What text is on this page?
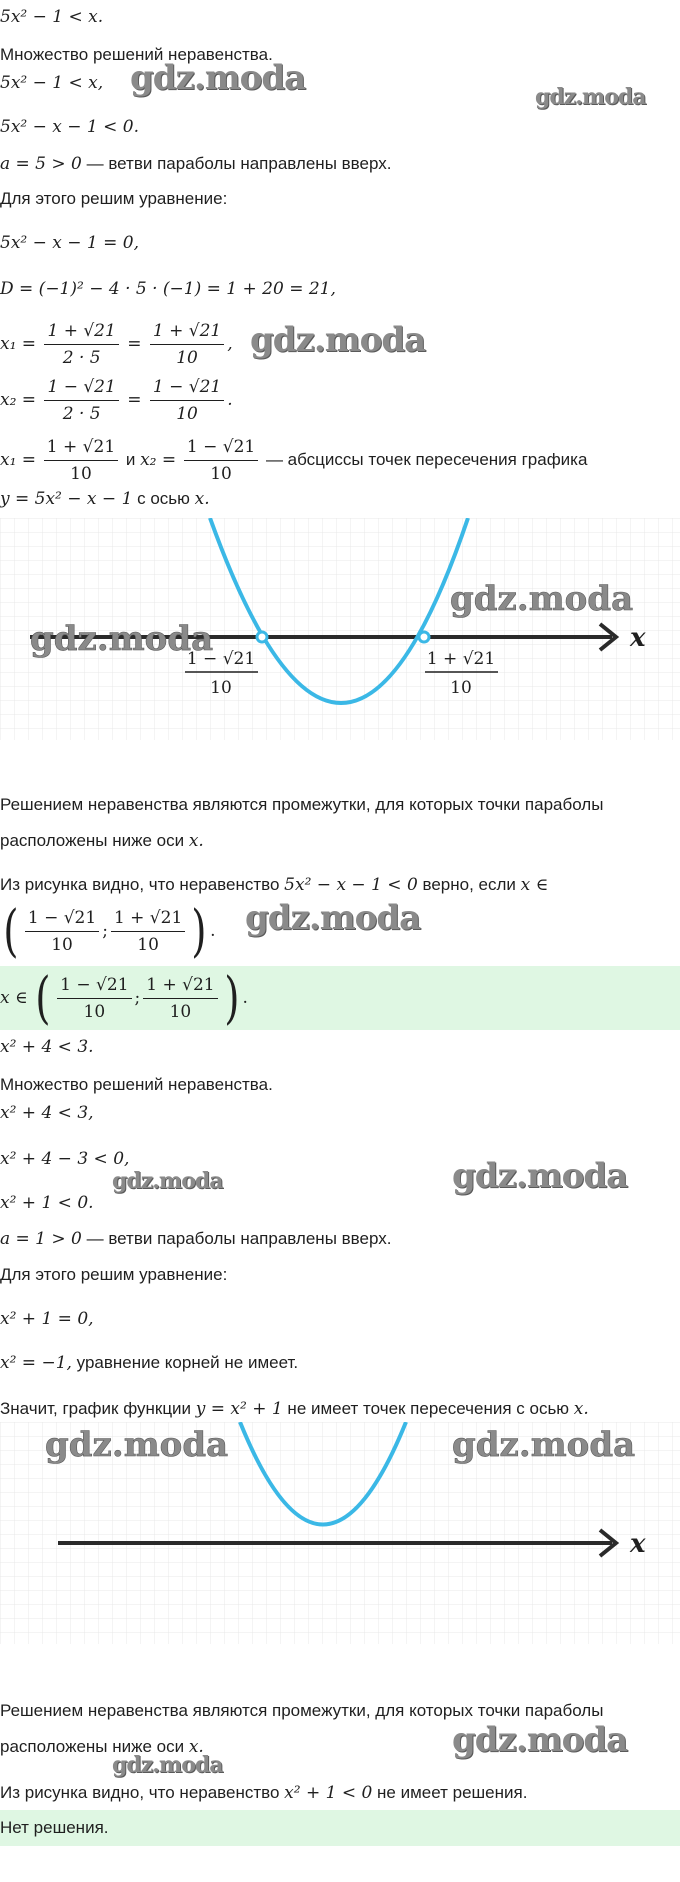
5x² − 1 < x.
Множество решений неравенства.
5x² − 1 < x, gdz.moda	gdz.moda
5x² − x − 1 < 0.
a = 5 > 0 — ветви параболы направлены вверх.
Для этого решим уравнение:
5x² − x − 1 = 0,
D = (−1)² − 4 · 5 · (−1) = 1 + 20 = 21,
$x_1 = \frac{1 + √21}{2 \cdot 5} = \frac{1 + √21}{10}$ , gdz.moda
$x_2 = \frac{1 - √21}{2 \cdot 5} = \frac{1 - √21}{10}$ .
$x_1 = \frac{1 + √21}{10}$ и $x_2 = \frac{1 - √21}{10}$ — абсциссы точек пересечения графика
y = 5x² − x − 1 с осью x.
x
1 − √21
10
1 + √21
10
gdz.moda
gdz.moda
Решением неравенства являются промежутки, для которых точки параболы
расположены ниже оси x.
Из рисунка видно, что неравенство 5x² − x − 1 < 0 верно, если x ∈
( $\frac{1 - √21}{10}$ ; $\frac{1 + √21}{10}$ ) . gdz.moda
x ∈ ( $\frac{1 - √21}{10}$ ; $\frac{1 + √21}{10}$ ) .
x² + 4 < 3.
Множество решений неравенства.
x² + 4 < 3,
x² + 4 − 3 < 0,
gdz.moda	gdz.moda
x² + 1 < 0.
a = 1 > 0 — ветви параболы направлены вверх.
Для этого решим уравнение:
x² + 1 = 0,
x² = −1, уравнение корней не имеет.
Значит, график функции y = x² + 1 не имеет точек пересечения с осью x.
x
gdz.moda	gdz.moda
Решением неравенства являются промежутки, для которых точки параболы
расположены ниже оси x.	gdz.moda
gdz.moda
Из рисунка видно, что неравенство x² + 1 < 0 не имеет решения.
Нет решения.
